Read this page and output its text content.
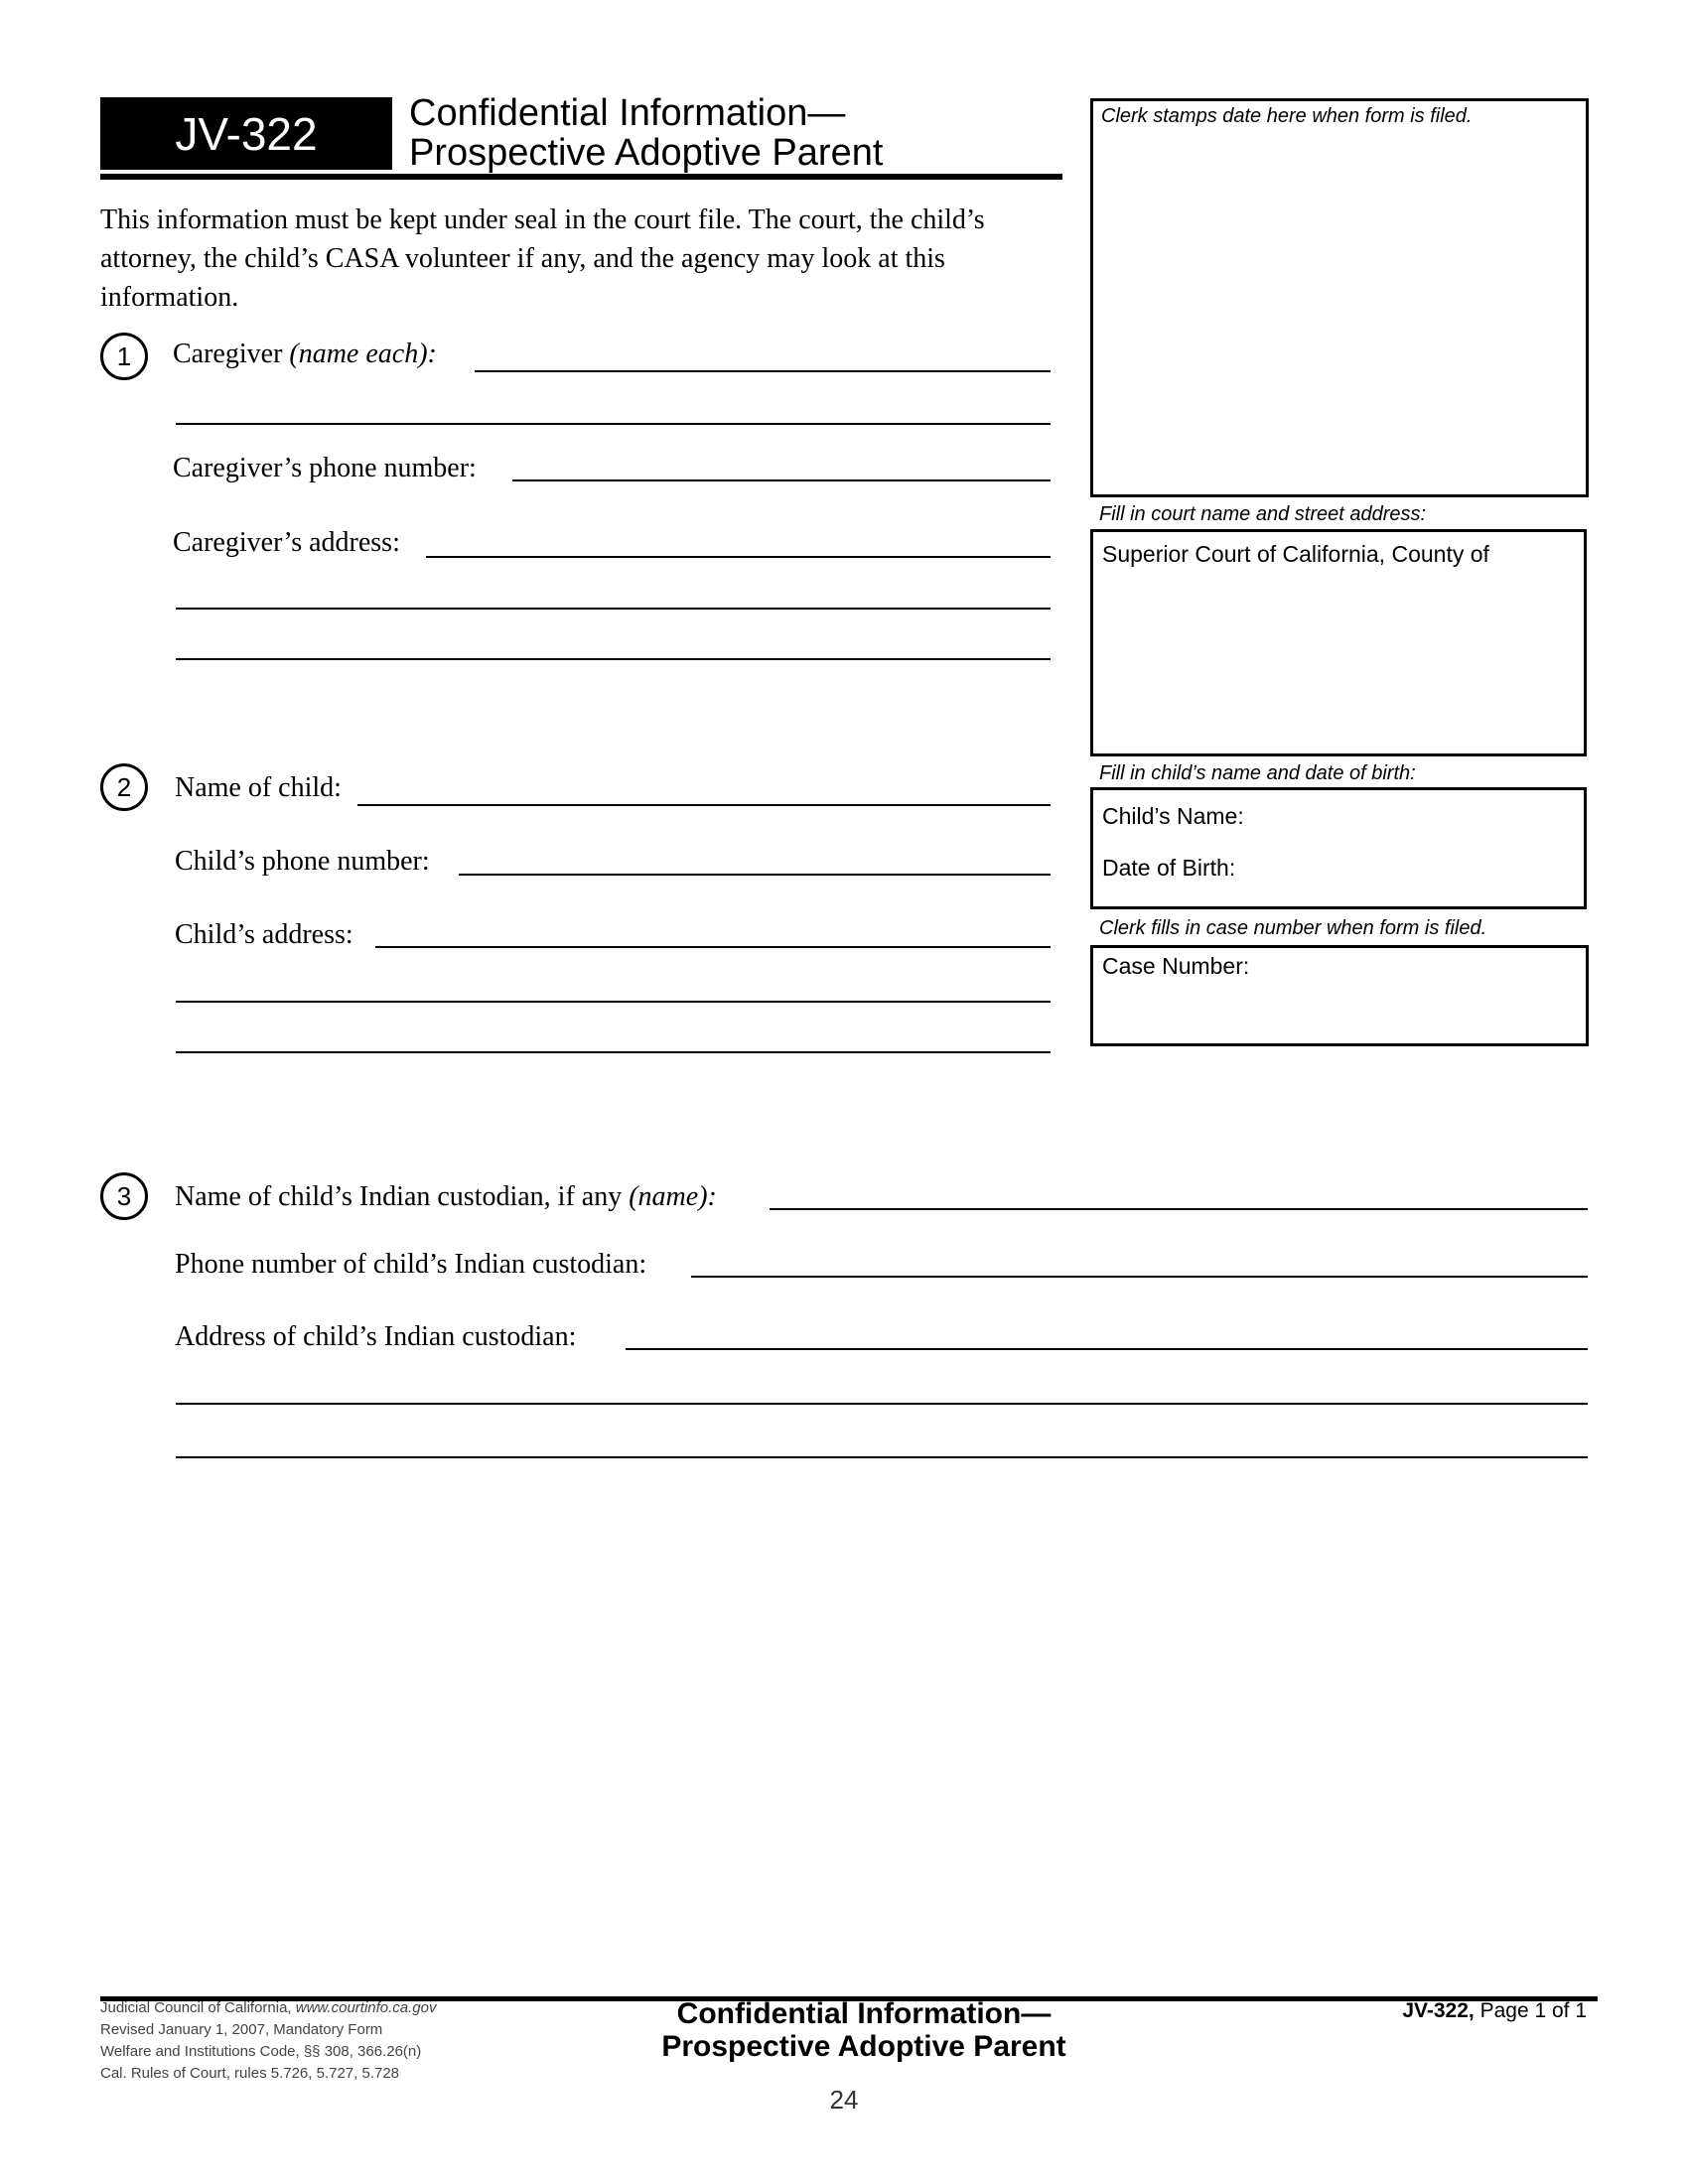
JV-322	Confidential Information—
Prospective Adoptive Parent
This information must be kept under seal in the court file. The court, the child’s attorney, the child’s CASA volunteer if any, and the agency may look at this information.
1	Caregiver (name each):
Caregiver’s phone number:
Caregiver’s address:
2	Name of child:
Child’s phone number:
Child’s address:
3	Name of child’s Indian custodian, if any (name):
Phone number of child’s Indian custodian:
Address of child’s Indian custodian:
Clerk stamps date here when form is filed.
Fill in court name and street address:
Superior Court of California, County of
Fill in child’s name and date of birth:
Child’s Name:
Date of Birth:
Clerk fills in case number when form is filed.
Case Number:
Judicial Council of California, www.courtinfo.ca.gov
Revised January 1, 2007, Mandatory Form
Welfare and Institutions Code, §§ 308, 366.26(n)
Cal. Rules of Court, rules 5.726, 5.727, 5.728
Confidential Information—
Prospective Adoptive Parent
JV-322, Page 1 of 1
24
